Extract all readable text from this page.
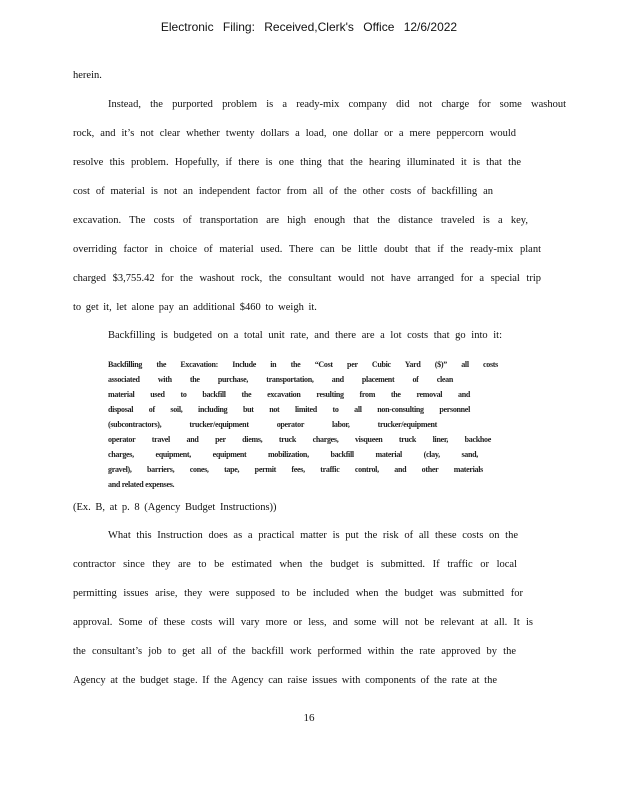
Electronic Filing: Received,Clerk's Office 12/6/2022
herein.
Instead, the purported problem is a ready-mix company did not charge for some washout
rock, and it’s not clear whether twenty dollars a load, one dollar or a mere peppercorn would
resolve this problem. Hopefully, if there is one thing that the hearing illuminated it is that the
cost of material is not an independent factor from all of the other costs of backfilling an
excavation. The costs of transportation are high enough that the distance traveled is a key,
overriding factor in choice of material used. There can be little doubt that if the ready-mix plant
charged $3,755.42 for the washout rock, the consultant would not have arranged for a special trip
to get it, let alone pay an additional $460 to weigh it.
Backfilling is budgeted on a total unit rate, and there are a lot costs that go into it:
Backfilling the Excavation: Include in the “Cost per Cubic Yard ($)” all costs
associated with the purchase, transportation, and placement of clean
material used to backfill the excavation resulting from the removal and
disposal of soil, including but not limited to all non-consulting personnel
(subcontractors), trucker/equipment operator labor, trucker/equipment
operator travel and per diems, truck charges, visqueen truck liner, backhoe
charges, equipment, equipment mobilization, backfill material (clay, sand,
gravel), barriers, cones, tape, permit fees, traffic control, and other materials
and related expenses.
(Ex. B, at p. 8 (Agency Budget Instructions))
What this Instruction does as a practical matter is put the risk of all these costs on the
contractor since they are to be estimated when the budget is submitted. If traffic or local
permitting issues arise, they were supposed to be included when the budget was submitted for
approval. Some of these costs will vary more or less, and some will not be relevant at all. It is
the consultant’s job to get all of the backfill work performed within the rate approved by the
Agency at the budget stage. If the Agency can raise issues with components of the rate at the
16
